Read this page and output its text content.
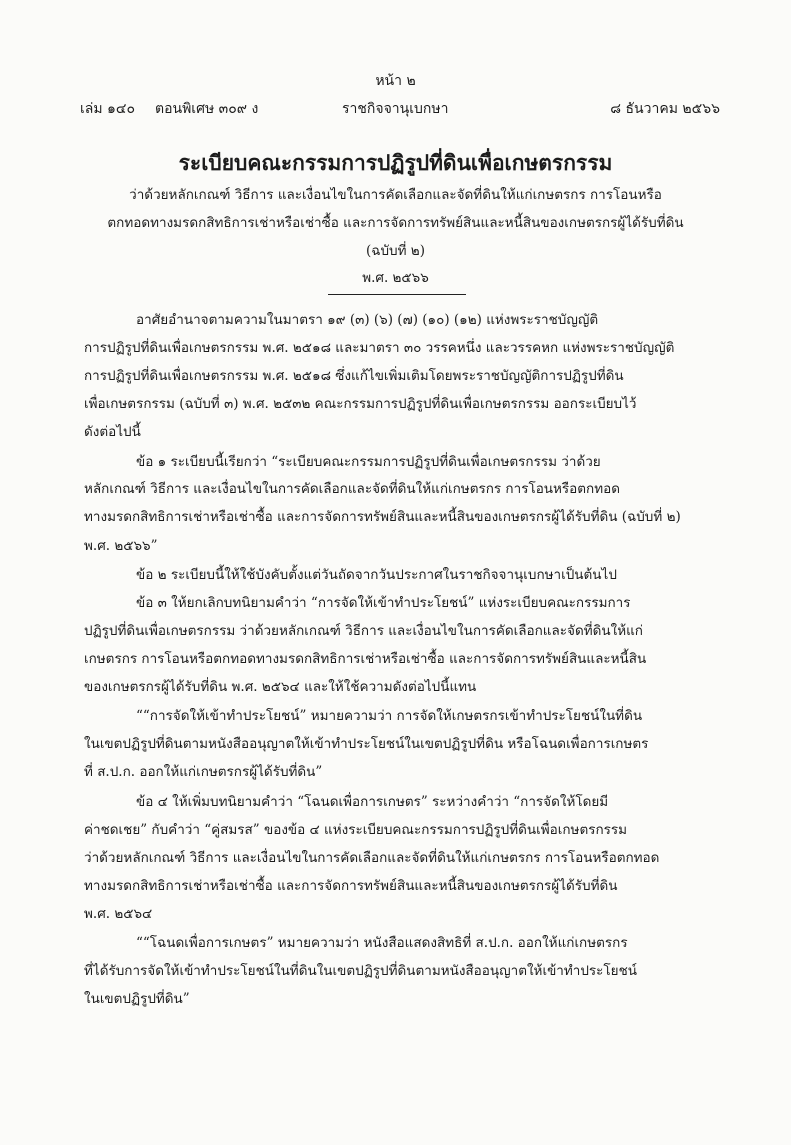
หน้า ๒
เล่ม ๑๔๐ ตอนพิเศษ ๓๐๙ ง	ราชกิจจานุเบกษา	๘ ธันวาคม ๒๕๖๖
ระเบียบคณะกรรมการปฏิรูปที่ดินเพื่อเกษตรกรรม
ว่าด้วยหลักเกณฑ์ วิธีการ และเงื่อนไขในการคัดเลือกและจัดที่ดินให้แก่เกษตรกร การโอนหรือ
ตกทอดทางมรดกสิทธิการเช่าหรือเช่าซื้อ และการจัดการทรัพย์สินและหนี้สินของเกษตรกรผู้ได้รับที่ดิน
(ฉบับที่ ๒)
พ.ศ. ๒๕๖๖
อาศัยอำนาจตามความในมาตรา ๑๙ (๓) (๖) (๗) (๑๐) (๑๒) แห่งพระราชบัญญัติ
การปฏิรูปที่ดินเพื่อเกษตรกรรม พ.ศ. ๒๕๑๘ และมาตรา ๓๐ วรรคหนึ่ง และวรรคหก แห่งพระราชบัญญัติ
การปฏิรูปที่ดินเพื่อเกษตรกรรม พ.ศ. ๒๕๑๘ ซึ่งแก้ไขเพิ่มเติมโดยพระราชบัญญัติการปฏิรูปที่ดิน
เพื่อเกษตรกรรม (ฉบับที่ ๓) พ.ศ. ๒๕๓๒ คณะกรรมการปฏิรูปที่ดินเพื่อเกษตรกรรม ออกระเบียบไว้
ดังต่อไปนี้
ข้อ ๑ ระเบียบนี้เรียกว่า “ระเบียบคณะกรรมการปฏิรูปที่ดินเพื่อเกษตรกรรม ว่าด้วย
หลักเกณฑ์ วิธีการ และเงื่อนไขในการคัดเลือกและจัดที่ดินให้แก่เกษตรกร การโอนหรือตกทอด
ทางมรดกสิทธิการเช่าหรือเช่าซื้อ และการจัดการทรัพย์สินและหนี้สินของเกษตรกรผู้ได้รับที่ดิน (ฉบับที่ ๒)
พ.ศ. ๒๕๖๖”
ข้อ ๒ ระเบียบนี้ให้ใช้บังคับตั้งแต่วันถัดจากวันประกาศในราชกิจจานุเบกษาเป็นต้นไป
ข้อ ๓ ให้ยกเลิกบทนิยามคำว่า “การจัดให้เข้าทำประโยชน์” แห่งระเบียบคณะกรรมการ
ปฏิรูปที่ดินเพื่อเกษตรกรรม ว่าด้วยหลักเกณฑ์ วิธีการ และเงื่อนไขในการคัดเลือกและจัดที่ดินให้แก่
เกษตรกร การโอนหรือตกทอดทางมรดกสิทธิการเช่าหรือเช่าซื้อ และการจัดการทรัพย์สินและหนี้สิน
ของเกษตรกรผู้ได้รับที่ดิน พ.ศ. ๒๕๖๔ และให้ใช้ความดังต่อไปนี้แทน
““การจัดให้เข้าทำประโยชน์” หมายความว่า การจัดให้เกษตรกรเข้าทำประโยชน์ในที่ดิน
ในเขตปฏิรูปที่ดินตามหนังสืออนุญาตให้เข้าทำประโยชน์ในเขตปฏิรูปที่ดิน หรือโฉนดเพื่อการเกษตร
ที่ ส.ป.ก. ออกให้แก่เกษตรกรผู้ได้รับที่ดิน”
ข้อ ๔ ให้เพิ่มบทนิยามคำว่า “โฉนดเพื่อการเกษตร” ระหว่างคำว่า “การจัดให้โดยมี
ค่าชดเชย” กับคำว่า “คู่สมรส” ของข้อ ๔ แห่งระเบียบคณะกรรมการปฏิรูปที่ดินเพื่อเกษตรกรรม
ว่าด้วยหลักเกณฑ์ วิธีการ และเงื่อนไขในการคัดเลือกและจัดที่ดินให้แก่เกษตรกร การโอนหรือตกทอด
ทางมรดกสิทธิการเช่าหรือเช่าซื้อ และการจัดการทรัพย์สินและหนี้สินของเกษตรกรผู้ได้รับที่ดิน
พ.ศ. ๒๕๖๔
““โฉนดเพื่อการเกษตร” หมายความว่า หนังสือแสดงสิทธิที่ ส.ป.ก. ออกให้แก่เกษตรกร
ที่ได้รับการจัดให้เข้าทำประโยชน์ในที่ดินในเขตปฏิรูปที่ดินตามหนังสืออนุญาตให้เข้าทำประโยชน์
ในเขตปฏิรูปที่ดิน”
